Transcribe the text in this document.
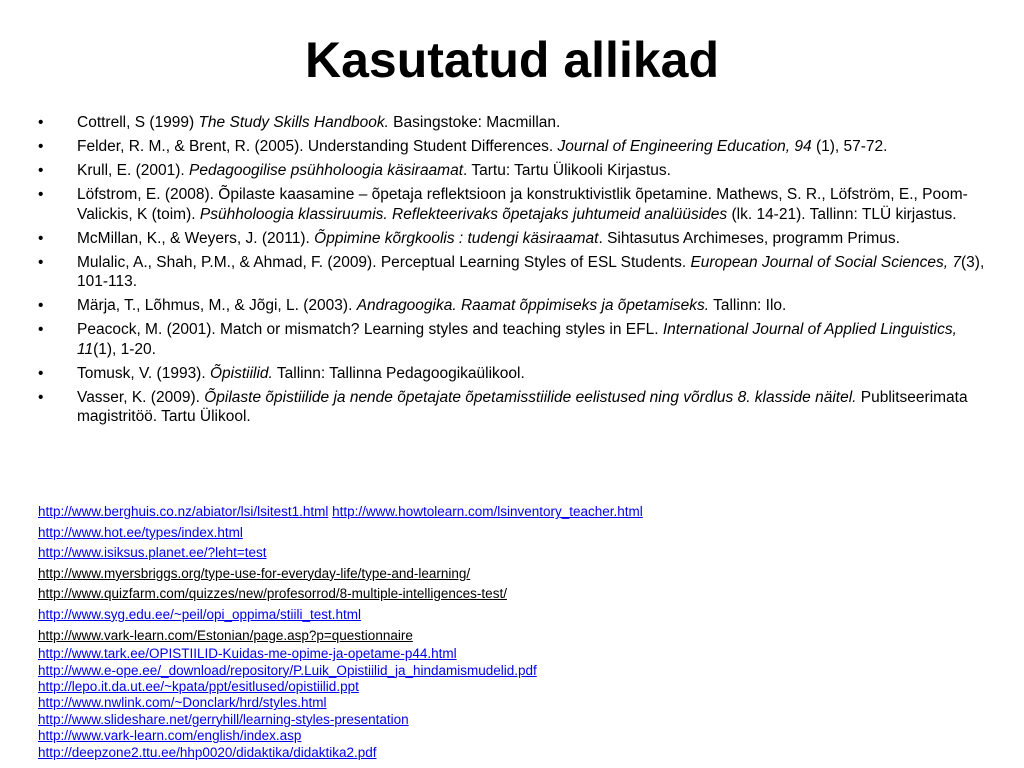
Kasutatud allikad
•	Cottrell, S (1999) The Study Skills Handbook. Basingstoke: Macmillan.
•	Felder, R. M., & Brent, R. (2005). Understanding Student Differences. Journal of Engineering Education, 94 (1), 57-72.
•	Krull, E. (2001). Pedagoogilise psühholoogia käsiraamat. Tartu: Tartu Ülikooli Kirjastus.
•	Löfstrom, E. (2008). Õpilaste kaasamine – õpetaja reflektsioon ja konstruktivistlik õpetamine. Mathews, S. R., Löfström, E., Poom-Valickis, K (toim). Psühholoogia klassiruumis. Reflekteerivaks õpetajaks juhtumeid analüüsides (lk. 14-21). Tallinn: TLÜ kirjastus.
•	McMillan, K., & Weyers, J. (2011). Õppimine kõrgkoolis : tudengi käsiraamat. Sihtasutus Archimeses, programm Primus.
•	Mulalic, A., Shah, P.M., & Ahmad, F. (2009). Perceptual Learning Styles of ESL Students. European Journal of Social Sciences, 7(3), 101-113.
•	Märja, T., Lõhmus, M., & Jõgi, L. (2003). Andragoogika. Raamat õppimiseks ja õpetamiseks. Tallinn: Ilo.
•	Peacock, M. (2001). Match or mismatch? Learning styles and teaching styles in EFL. International Journal of Applied Linguistics, 11(1), 1-20.
•	Tomusk, V. (1993). Õpistiilid. Tallinn: Tallinna Pedagoogikaülikool.
•	Vasser, K. (2009). Õpilaste õpistiilide ja nende õpetajate õpetamisstiilide eelistused ning võrdlus 8. klasside näitel. Publitseerimata magistritöö. Tartu Ülikool.
http://www.berghuis.co.nz/abiator/lsi/lsitest1.html http://www.howtolearn.com/lsinventory_teacher.html
http://www.hot.ee/types/index.html
http://www.isiksus.planet.ee/?leht=test
http://www.myersbriggs.org/type-use-for-everyday-life/type-and-learning/
http://www.quizfarm.com/quizzes/new/profesorrod/8-multiple-intelligences-test/
http://www.syg.edu.ee/~peil/opi_oppima/stiili_test.html
http://www.vark-learn.com/Estonian/page.asp?p=questionnaire
http://www.tark.ee/OPISTIILID-Kuidas-me-opime-ja-opetame-p44.html
http://www.e-ope.ee/_download/repository/P.Luik_Opistiilid_ja_hindamismudelid.pdf
http://lepo.it.da.ut.ee/~kpata/ppt/esitlused/opistiilid.ppt
http://www.nwlink.com/~Donclark/hrd/styles.html
http://www.slideshare.net/gerryhill/learning-styles-presentation
http://www.vark-learn.com/english/index.asp
http://deepzone2.ttu.ee/hhp0020/didaktika/didaktika2.pdf
